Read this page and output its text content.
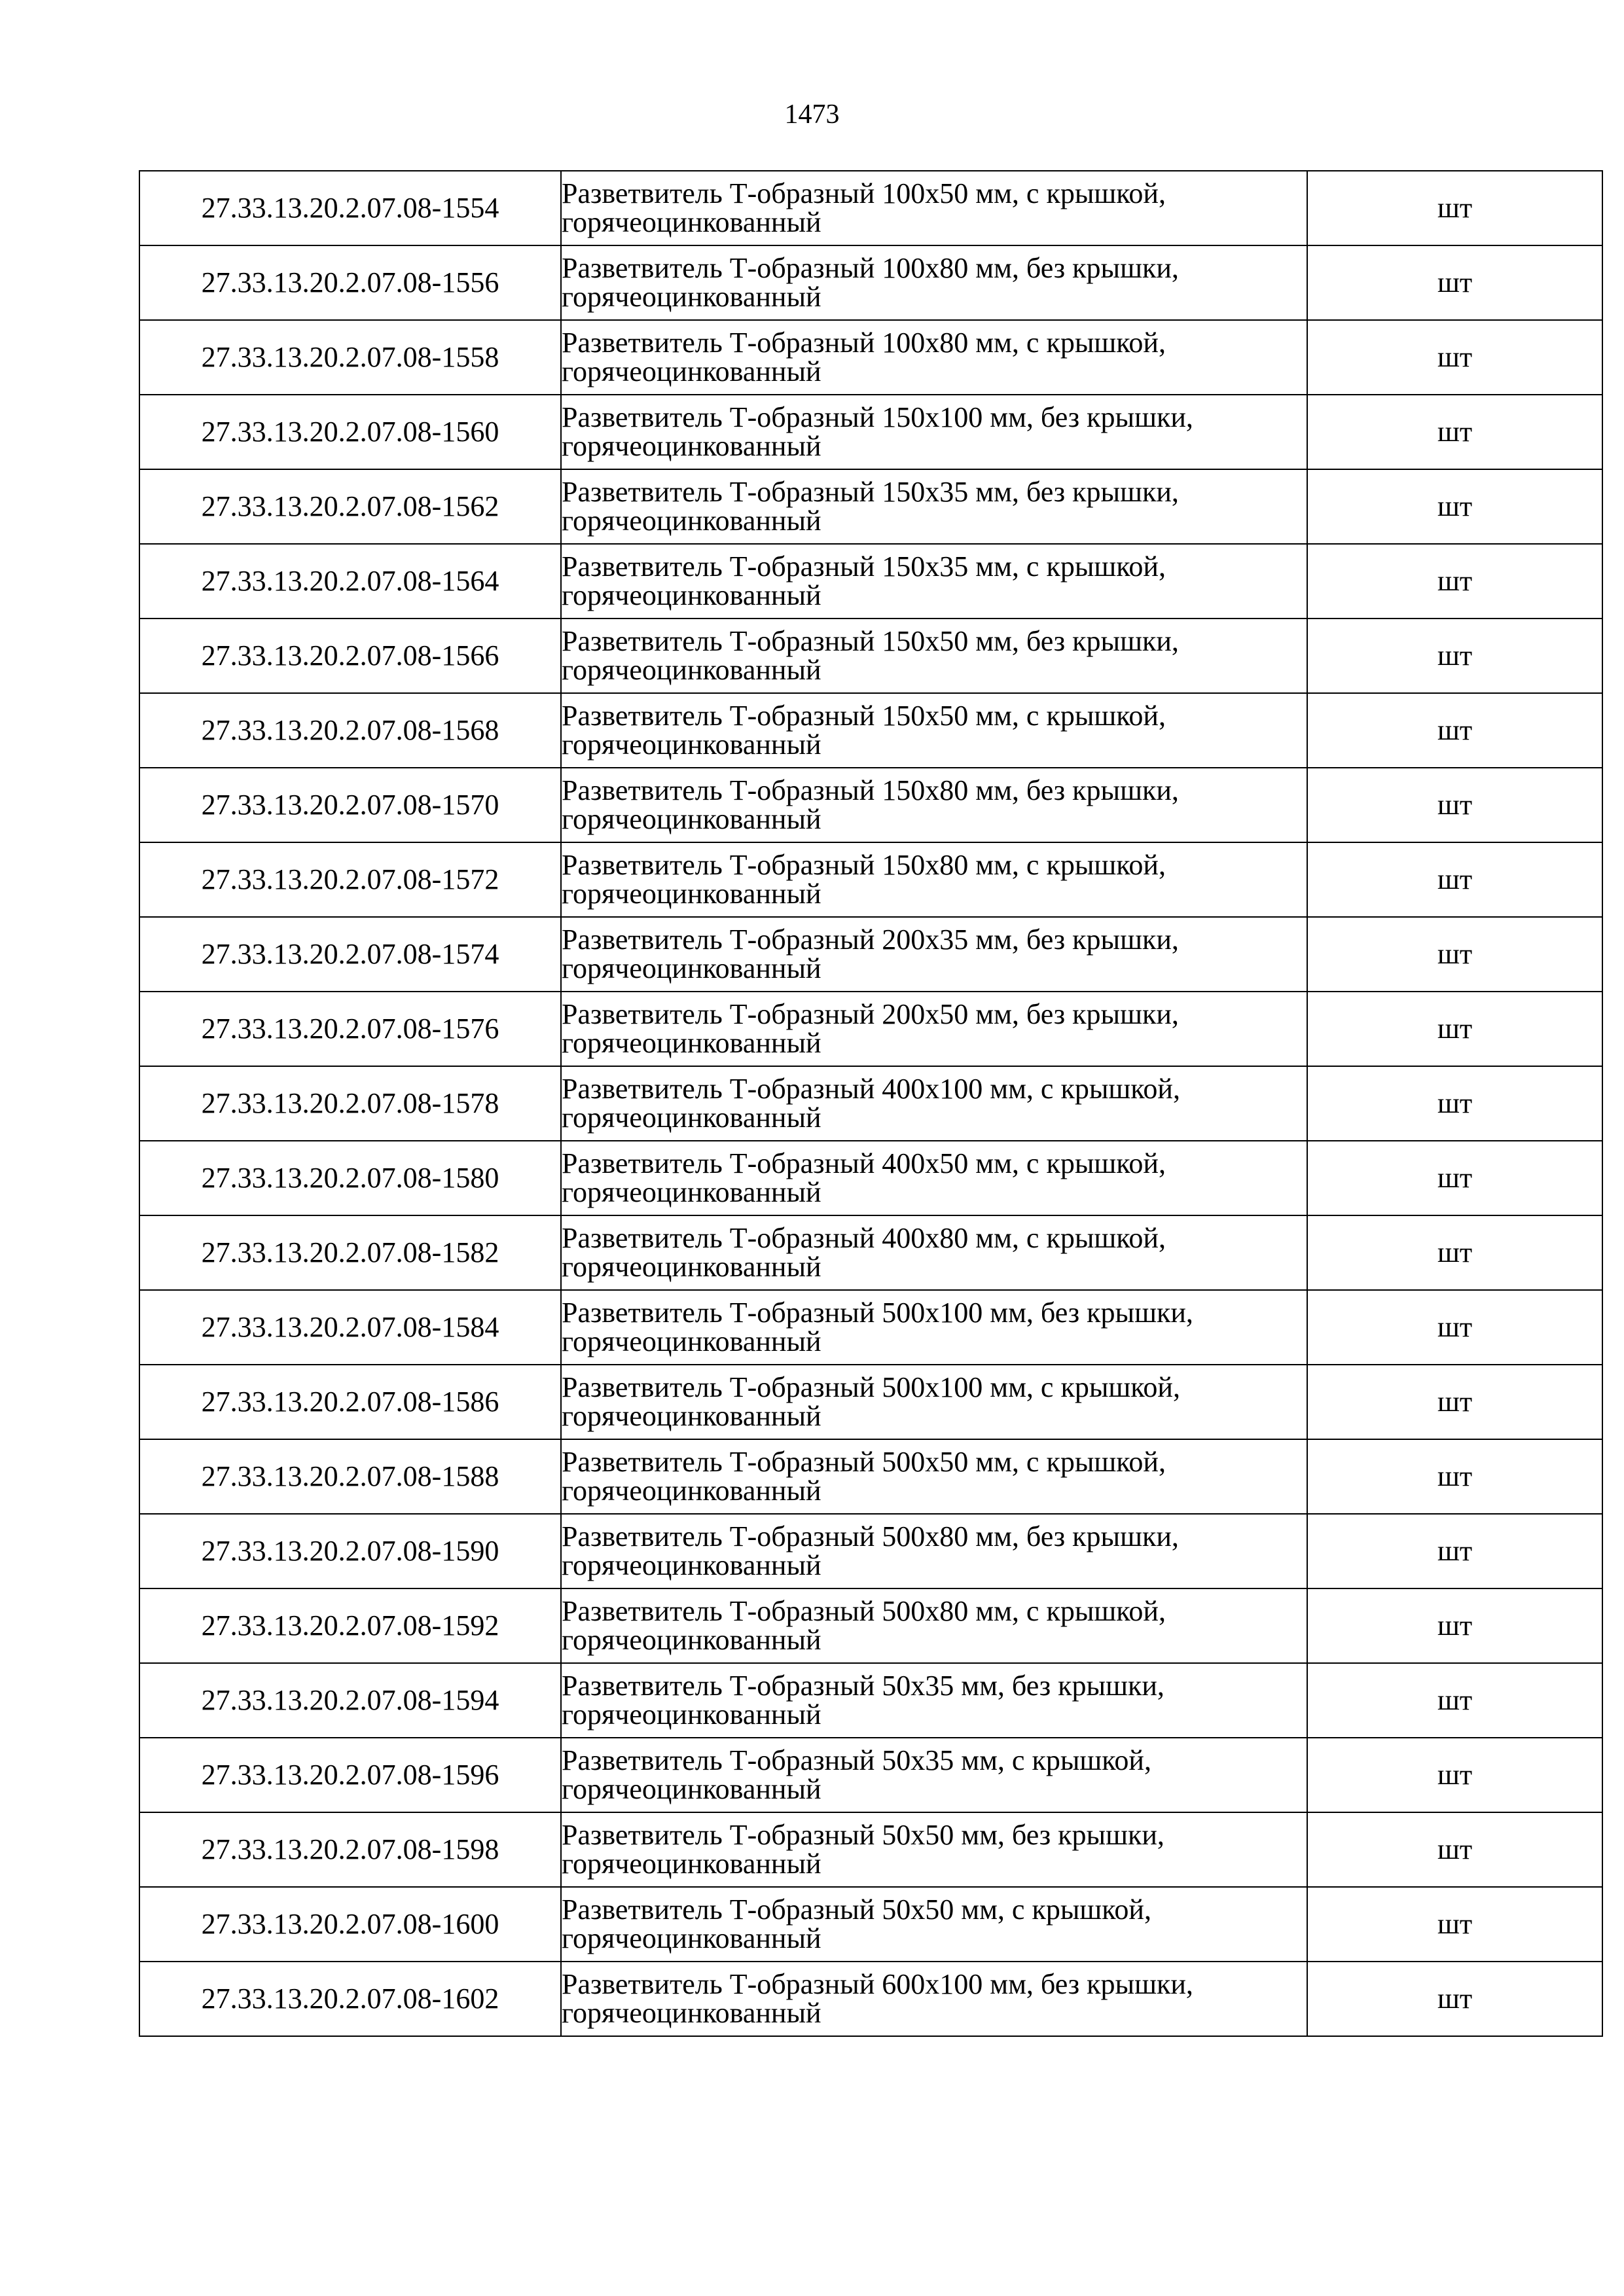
1473
27.33.13.20.2.07.08-1554	Разветвитель Т-образный 100х50 мм, с крышкой,
горячеоцинкованный	шт
27.33.13.20.2.07.08-1556	Разветвитель Т-образный 100х80 мм, без крышки,
горячеоцинкованный	шт
27.33.13.20.2.07.08-1558	Разветвитель Т-образный 100х80 мм, с крышкой,
горячеоцинкованный	шт
27.33.13.20.2.07.08-1560	Разветвитель Т-образный 150х100 мм, без крышки,
горячеоцинкованный	шт
27.33.13.20.2.07.08-1562	Разветвитель Т-образный 150х35 мм, без крышки,
горячеоцинкованный	шт
27.33.13.20.2.07.08-1564	Разветвитель Т-образный 150х35 мм, с крышкой,
горячеоцинкованный	шт
27.33.13.20.2.07.08-1566	Разветвитель Т-образный 150х50 мм, без крышки,
горячеоцинкованный	шт
27.33.13.20.2.07.08-1568	Разветвитель Т-образный 150х50 мм, с крышкой,
горячеоцинкованный	шт
27.33.13.20.2.07.08-1570	Разветвитель Т-образный 150х80 мм, без крышки,
горячеоцинкованный	шт
27.33.13.20.2.07.08-1572	Разветвитель Т-образный 150х80 мм, с крышкой,
горячеоцинкованный	шт
27.33.13.20.2.07.08-1574	Разветвитель Т-образный 200х35 мм, без крышки,
горячеоцинкованный	шт
27.33.13.20.2.07.08-1576	Разветвитель Т-образный 200х50 мм, без крышки,
горячеоцинкованный	шт
27.33.13.20.2.07.08-1578	Разветвитель Т-образный 400х100 мм, с крышкой,
горячеоцинкованный	шт
27.33.13.20.2.07.08-1580	Разветвитель Т-образный 400х50 мм, с крышкой,
горячеоцинкованный	шт
27.33.13.20.2.07.08-1582	Разветвитель Т-образный 400х80 мм, с крышкой,
горячеоцинкованный	шт
27.33.13.20.2.07.08-1584	Разветвитель Т-образный 500х100 мм, без крышки,
горячеоцинкованный	шт
27.33.13.20.2.07.08-1586	Разветвитель Т-образный 500х100 мм, с крышкой,
горячеоцинкованный	шт
27.33.13.20.2.07.08-1588	Разветвитель Т-образный 500х50 мм, с крышкой,
горячеоцинкованный	шт
27.33.13.20.2.07.08-1590	Разветвитель Т-образный 500х80 мм, без крышки,
горячеоцинкованный	шт
27.33.13.20.2.07.08-1592	Разветвитель Т-образный 500х80 мм, с крышкой,
горячеоцинкованный	шт
27.33.13.20.2.07.08-1594	Разветвитель Т-образный 50х35 мм, без крышки,
горячеоцинкованный	шт
27.33.13.20.2.07.08-1596	Разветвитель Т-образный 50х35 мм, с крышкой,
горячеоцинкованный	шт
27.33.13.20.2.07.08-1598	Разветвитель Т-образный 50х50 мм, без крышки,
горячеоцинкованный	шт
27.33.13.20.2.07.08-1600	Разветвитель Т-образный 50х50 мм, с крышкой,
горячеоцинкованный	шт
27.33.13.20.2.07.08-1602	Разветвитель Т-образный 600х100 мм, без крышки,
горячеоцинкованный	шт
